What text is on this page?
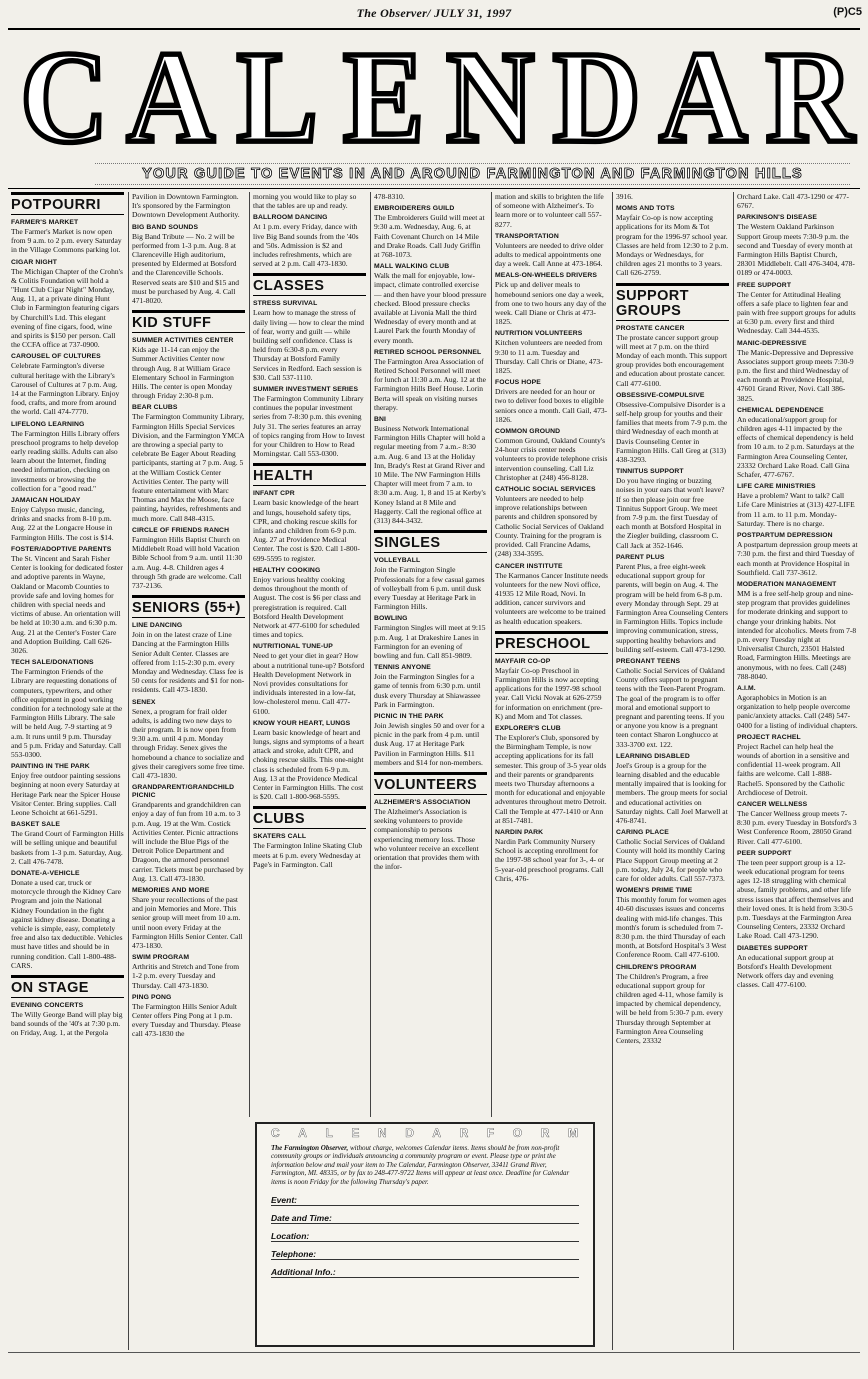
The Observer/ JULY 31, 1997	(P)C5
C A L E N D A R
YOUR GUIDE TO EVENTS IN AND AROUND FARMINGTON AND FARMINGTON HILLS
POTPOURRI
FARMER'S MARKET

The Farmer's Market is now open from 9 a.m. to 2 p.m. every Saturday in the Village Commons parking lot.

CIGAR NIGHT

The Michigan Chapter of the Crohn's & Colitis Foundation will hold a "Hunt Club Cigar Night" Monday, Aug. 11, at a private dining Hunt Club in Farmington featuring cigars by Churchill's Ltd. This elegant evening of fine cigars, food, wine and spirits is $150 per person. Call the CCFA office at 737-0900.

CAROUSEL OF CULTURES

Celebrate Farmington's diverse cultural heritage with the Library's Carousel of Cultures at 7 p.m. Aug. 14 at the Farmington Library. Enjoy food, crafts, and more from around the world. Call 474-7770.

LIFELONG LEARNING

The Farmington Hills Library offers preschool programs to help develop early reading skills. Adults can also learn about the Internet, finding needed information, checking on investments or browsing the collection for a "good read."

JAMAICAN HOLIDAY

Enjoy Calypso music, dancing, drinks and snacks from 8-10 p.m. Aug. 22 at the Longacre House in Farmington Hills. The cost is $14.

FOSTER/ADOPTIVE PARENTS

The St. Vincent and Sarah Fisher Center is looking for dedicated foster and adoptive parents in Wayne, Oakland or Macomb Counties to provide safe and loving homes for children with special needs and victims of abuse. An orientation will be held at 10:30 a.m. and 6:30 p.m. Aug. 21 at the Center's Foster Care and Adoption Building. Call 626-3026.

TECH SALE/DONATIONS

The Farmington Friends of the Library are requesting donations of computers, typewriters, and other office equipment in good working condition for a technology sale at the Farmington Hills Library. The sale will be held Aug. 7-9 starting at 9 a.m. It runs until 9 p.m. Thursday and 5 p.m. Friday and Saturday. Call 553-0300.

PAINTING IN THE PARK

Enjoy free outdoor painting sessions beginning at noon every Saturday at Heritage Park near the Spicer House Visitor Center. Bring supplies. Call Leone Schoicht at 661-5291.

BASKET SALE

The Grand Court of Farmington Hills will be selling unique and beautiful baskets from 1-3 p.m. Saturday, Aug. 2. Call 476-7478.

DONATE-A-VEHICLE

Donate a used car, truck or motorcycle through the Kidney Care Program and join the National Kidney Foundation in the fight against kidney disease. Donating a vehicle is simple, easy, completely free and also tax deductible. Vehicles must have titles and should be in running condition. Call 1-800-488-CARS.

ON STAGE
EVENING CONCERTS

The Willy George Band will play big band sounds of the '40's at 7:30 p.m. on Friday, Aug. 1, at the Pergola

Pavilion in Downtown Farmington. It's sponsored by the Farmington Downtown Development Authority.

BIG BAND SOUNDS

Big Band Tribute — No. 2 will be performed from 1-3 p.m. Aug. 8 at Clarenceville High auditorium, presented by Eldermed at Botsford and the Clarenceville Schools. Reserved seats are $10 and $15 and must be purchased by Aug. 4. Call 471-8020.

KID STUFF
SUMMER ACTIVITIES CENTER

Kids age 11-14 can enjoy the Summer Activities Center now through Aug. 8 at William Grace Elementary School in Farmington Hills. The center is open Monday through Friday 2:30-8 p.m.

BEAR CLUBS

The Farmington Community Library, Farmington Hills Special Services Division, and the Farmington YMCA are throwing a special party to celebrate Be Eager About Reading participants, starting at 7 p.m. Aug. 5 at the William Costick Center Activities Center. The party will feature entertainment with Marc Thomas and Max the Moose, face painting, hayrides, refreshments and much more. Call 848-4315.

CIRCLE OF FRIENDS RANCH

Farmington Hills Baptist Church on Middlebelt Road will hold Vacation Bible School from 9 a.m. until 11:30 a.m. Aug. 4-8. Children ages 4 through 5th grade are welcome. Call 737-2136.

SENIORS (55+)
LINE DANCING

Join in on the latest craze of Line Dancing at the Farmington Hills Senior Adult Center. Classes are offered from 1:15-2:30 p.m. every Monday and Wednesday. Class fee is 50 cents for residents and $1 for non-residents. Call 473-1830.

SENEX

Senex, a program for frail older adults, is adding two new days to their program. It is now open from 9:30 a.m. until 4 p.m. Monday through Friday. Senex gives the homebound a chance to socialize and gives their caregivers some free time. Call 473-1830.

GRANDPARENT/GRANDCHILD PICNIC

Grandparents and grandchildren can enjoy a day of fun from 10 a.m. to 3 p.m. Aug. 19 at the Wm. Costick Activities Center. Picnic attractions will include the Blue Pigs of the Detroit Police Department and Dragoon, the armored personnel carrier. Tickets must be purchased by Aug. 13. Call 473-1830.

MEMORIES AND MORE

Share your recollections of the past and join Memories and More. This senior group will meet from 10 a.m. until noon every Friday at the Farmington Hills Senior Center. Call 473-1830.

SWIM PROGRAM

Arthritis and Stretch and Tone from 1-2 p.m. every Tuesday and Thursday. Call 473-1830.

PING PONG

The Farmington Hills Senior Adult Center offers Ping Pong at 1 p.m. every Tuesday and Thursday. Please call 473-1830 the

morning you would like to play so that the tables are up and ready.

BALLROOM DANCING

At 1 p.m. every Friday, dance with live Big Band sounds from the '40s and '50s. Admission is $2 and includes refreshments, which are served at 2 p.m. Call 473-1830.

CLASSES
STRESS SURVIVAL

Learn how to manage the stress of daily living — how to clear the mind of fear, worry and guilt — while building self confidence. Class is held from 6:30-8 p.m. every Thursday at Botsford Family Services in Redford. Each session is $30. Call 537-1110.

SUMMER INVESTMENT SERIES

The Farmington Community Library continues the popular investment series from 7-8:30 p.m. this evening July 31. The series features an array of topics ranging from How to Invest for your Children to How to Read Morningstar. Call 553-0300.

HEALTH
INFANT CPR

Learn basic knowledge of the heart and lungs, household safety tips, CPR, and choking rescue skills for infants and children from 6-9 p.m. Aug. 27 at Providence Medical Center. The cost is $20. Call 1-800-699-5595 to register.

HEALTHY COOKING

Enjoy various healthy cooking demos throughout the month of August. The cost is $6 per class and preregistration is required. Call Botsford Health Development Network at 477-6100 for scheduled times and topics.

NUTRITIONAL TUNE-UP

Need to get your diet in gear? How about a nutritional tune-up? Botsford Health Development Network in Novi provides consultations for individuals interested in a low-fat, low-cholesterol menu. Call 477-6100.

KNOW YOUR HEART, LUNGS

Learn basic knowledge of heart and lungs, signs and symptoms of a heart attack and stroke, adult CPR, and choking rescue skills. This one-night class is scheduled from 6-9 p.m. Aug. 13 at the Providence Medical Center in Farmington Hills. The cost is $20. Call 1-800-968-5595.

CLUBS
SKATERS CALL

The Farmington Inline Skating Club meets at 6 p.m. every Wednesday at Page's in Farmington. Call

478-8310.

EMBROIDERERS GUILD

The Embroiderers Guild will meet at 9:30 a.m. Wednesday, Aug. 6, at Faith Covenant Church on 14 Mile and Drake Roads. Call Judy Griffin at 768-1073.

MALL WALKING CLUB

Walk the mall for enjoyable, low-impact, climate controlled exercise — and then have your blood pressure checked. Blood pressure checks available at Livonia Mall the third Wednesday of every month and at Laurel Park the fourth Monday of every month.

RETIRED SCHOOL PERSONNEL

The Farmington Area Association of Retired School Personnel will meet for lunch at 11:30 a.m. Aug. 12 at the Farmington Hills Beef House. Lorin Berta will speak on visiting nurses therapy.

BNI

Business Network International Farmington Hills Chapter will hold a regular meeting from 7 a.m.- 8:30 a.m. Aug. 6 and 13 at the Holiday Inn, Brady's Rest at Grand River and 10 Mile. The NW Farmington Hills Chapter will meet from 7 a.m. to 8:30 a.m. Aug. 1, 8 and 15 at Kerby's Koney Island at 8 Mile and Haggerty. Call the regional office at (313) 844-3432.

SINGLES
VOLLEYBALL

Join the Farmington Single Professionals for a few casual games of volleyball from 6 p.m. until dusk every Tuesday at Heritage Park in Farmington Hills.

BOWLING

Farmington Singles will meet at 9:15 p.m. Aug. 1 at Drakeshire Lanes in Farmington for an evening of bowling and fun. Call 851-9809.

TENNIS ANYONE

Join the Farmington Singles for a game of tennis from 6:30 p.m. until dusk every Thursday at Shiawassee Park in Farmington.

PICNIC IN THE PARK

Join Jewish singles 50 and over for a picnic in the park from 4 p.m. until dusk Aug. 17 at Heritage Park Pavilion in Farmington Hills. $11 members and $14 for non-members.

VOLUNTEERS
ALZHEIMER'S ASSOCIATION

The Alzheimer's Association is seeking volunteers to provide companionship to persons experiencing memory loss. Those who volunteer receive an excellent orientation that provides them with the infor-

mation and skills to brighten the life of someone with Alzheimer's. To learn more or to volunteer call 557-8277.

TRANSPORTATION

Volunteers are needed to drive older adults to medical appointments one day a week. Call Anne at 473-1864.

MEALS-ON-WHEELS DRIVERS

Pick up and deliver meals to homebound seniors one day a week, from one to two hours any day of the week. Call Diane or Chris at 473-1825.

NUTRITION VOLUNTEERS

Kitchen volunteers are needed from 9:30 to 11 a.m. Tuesday and Thursday. Call Chris or Diane, 473-1825.

FOCUS HOPE

Drivers are needed for an hour or two to deliver food boxes to eligible seniors once a month. Call Gail, 473-1826.

COMMON GROUND

Common Ground, Oakland County's 24-hour crisis center needs volunteers to provide telephone crisis intervention counseling. Call Liz Christopher at (248) 456-8128.

CATHOLIC SOCIAL SERVICES

Volunteers are needed to help improve relationships between parents and children sponsored by Catholic Social Services of Oakland County. Training for the program is provided. Call Francine Adams, (248) 334-3595.

CANCER INSTITUTE

The Karmanos Cancer Institute needs volunteers for the new Novi office, 41935 12 Mile Road, Novi. In addition, cancer survivors and volunteers are welcome to be trained as health education speakers.

PRESCHOOL
MAYFAIR CO-OP

Mayfair Co-op Preschool in Farmington Hills is now accepting applications for the 1997-98 school year. Call Vicki Novak at 626-2759 for information on enrichment (pre-K) and Mom and Tot classes.

EXPLORER'S CLUB

The Explorer's Club, sponsored by the Birmingham Temple, is now accepting applications for its fall semester. This group of 3-5 year olds and their parents or grandparents meets two Thursday afternoons a month for educational and enjoyable adventures throughout metro Detroit. Call the Temple at 477-1410 or Ann at 851-7481.

NARDIN PARK

Nardin Park Community Nursery School is accepting enrollment for the 1997-98 school year for 3-, 4- or 5-year-old preschool programs. Call Chris, 476-

3916.

MOMS AND TOTS

Mayfair Co-op is now accepting applications for its Mom & Tot program for the 1996-97 school year. Classes are held from 12:30 to 2 p.m. Mondays or Wednesdays, for children ages 21 months to 3 years. Call 626-2759.

SUPPORT GROUPS
PROSTATE CANCER

The prostate cancer support group will meet at 7 p.m. on the third Monday of each month. This support group provides both encouragement and education about prostate cancer. Call 477-6100.

OBSESSIVE-COMPULSIVE

Obsessive-Compulsive Disorder is a self-help group for youths and their families that meets from 7-9 p.m. the third Wednesday of each month at Davis Counseling Center in Farmington Hills. Call Greg at (313) 438-3293.

TINNITUS SUPPORT

Do you have ringing or buzzing noises in your ears that won't leave? If so then please join our free Tinnitus Support Group. We meet from 7-9 p.m. the first Tuesday of each month at Botsford Hospital in the Ziegler building, classroom C. Call Jack at 352-1646.

PARENT PLUS

Parent Plus, a free eight-week educational support group for parents, will begin on Aug. 4. The program will be held from 6-8 p.m. every Monday through Sept. 29 at Farmington Area Counseling Centers in Farmington Hills. Topics include improving communication, stress, supporting healthy behaviors and building self-esteem. Call 473-1290.

PREGNANT TEENS

Catholic Social Services of Oakland County offers support to pregnant teens with the Teen-Parent Program. The goal of the program is to offer moral and emotional support to pregnant and parenting teens. If you or anyone you know is a pregnant teen contact Sharon Longhucco at 333-3700 ext. 122.

LEARNING DISABLED

Joel's Group is a group for the learning disabled and the educable mentally impaired that is looking for members. The group meets for social and educational activities on Saturday nights. Call Joel Marwell at 476-8741.

CARING PLACE

Catholic Social Services of Oakland County will hold its monthly Caring Place Support Group meeting at 2 p.m. today, July 24, for people who care for older adults. Call 557-7373.

WOMEN'S PRIME TIME

This monthly forum for women ages 40-60 discusses issues and concerns dealing with mid-life changes. This month's forum is scheduled from 7-8:30 p.m. the third Thursday of each month, at Botsford Hospital's 3 West Conference Room. Call 477-6100.

CHILDREN'S PROGRAM

The Children's Program, a free educational support group for children aged 4-11, whose family is impacted by chemical dependency, will be held from 5:30-7 p.m. every Thursday through September at Farmington Area Counseling Centers, 23332

Orchard Lake. Call 473-1290 or 477-6767.

PARKINSON'S DISEASE

The Western Oakland Parkinson Support Group meets 7:30-9 p.m. the second and Tuesday of every month at Farmington Hills Baptist Church, 28301 Middlebelt. Call 476-3404, 478-0189 or 474-0003.

FREE SUPPORT

The Center for Attitudinal Healing offers a safe place to lighten fear and pain with free support groups for adults at 6:30 p.m. every first and third Wednesday. Call 344-4535.

MANIC-DEPRESSIVE

The Manic-Depressive and Depressive Associates support group meets 7:30-9 p.m. the first and third Wednesday of each month at Providence Hospital, 47601 Grand River, Novi. Call 386-3825.

CHEMICAL DEPENDENCE

An educational/support group for children ages 4-11 impacted by the effects of chemical dependency is held from 10 a.m. to 2 p.m. Saturdays at the Farmington Area Counseling Center, 23332 Orchard Lake Road. Call Gina Schafer, 477-6767.

LIFE CARE MINISTRIES

Have a problem? Want to talk? Call Life Care Ministries at (313) 427-LIFE from 11 a.m. to 11 p.m. Monday-Saturday. There is no charge.

POSTPARTUM DEPRESSION

A postpartum depression group meets at 7:30 p.m. the first and third Tuesday of each month at Providence Hospital in Southfield. Call 737-3612.

MODERATION MANAGEMENT

MM is a free self-help group and nine-step program that provides guidelines for moderate drinking and support to change your drinking habits. Not intended for alcoholics. Meets from 7-8 p.m. every Tuesday night at Universalist Church, 23501 Halsted Road, Farmington Hills. Meetings are anonymous, with no fees. Call (248) 788-8040.

A.I.M.

Agoraphobics in Motion is an organization to help people overcome panic/anxiety attacks. Call (248) 547-0400 for a listing of individual chapters.

PROJECT RACHEL

Project Rachel can help heal the wounds of abortion in a sensitive and confidential 11-week program. All faiths are welcome. Call 1-888-Rachel5. Sponsored by the Catholic Archdiocese of Detroit.

CANCER WELLNESS

The Cancer Wellness group meets 7-8:30 p.m. every Tuesday in Botsford's 3 West Conference Room, 28050 Grand River. Call 477-6100.

PEER SUPPORT

The teen peer support group is a 12-week educational program for teens ages 12-18 struggling with chemical abuse, family problems, and other life stress issues that affect themselves and their loved ones. It is held from 3:30-5 p.m. Tuesdays at the Farmington Area Counseling Centers, 23332 Orchard Lake Road. Call 473-1290.

DIABETES SUPPORT

An educational support group at Botsford's Health Development Network offers day and evening classes. Call 477-6100.

C A L E N D A R F O R M
The Farmington Observer, without charge, welcomes Calendar items. Items should be from non-profit community groups or individuals announcing a community program or event. Please type or print the information below and mail your item to The Calendar, Farmington Observer, 33411 Grand River, Farmington, MI. 48335, or by fax to 248-477-9722 Items will appear at least once. Deadline for Calendar items is noon Friday for the following Thursday's paper.
Event:
Date and Time:
Location:
Telephone:
Additional Info.:
